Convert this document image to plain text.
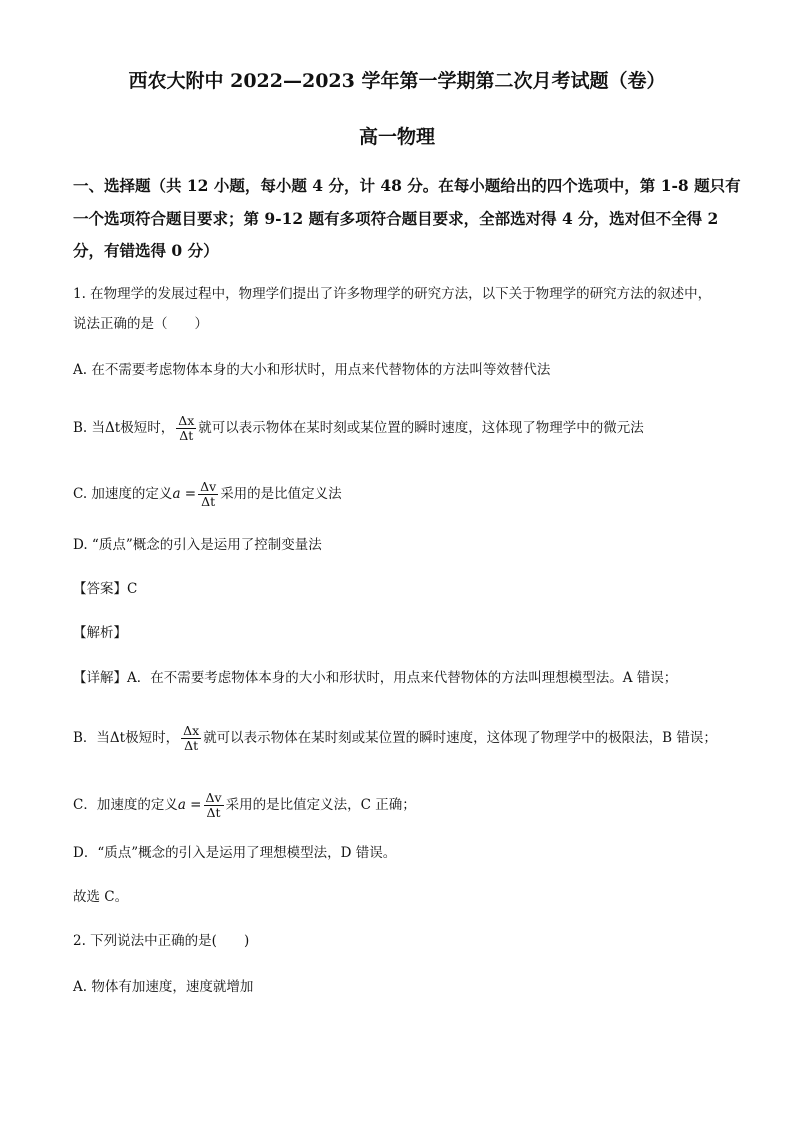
西农大附中 2022—2023 学年第一学期第二次月考试题（卷）
高一物理
一、选择题（共 12 小题，每小题 4 分，计 48 分。在每小题给出的四个选项中，第 1-8 题只有
一个选项符合题目要求；第 9-12 题有多项符合题目要求，全部选对得 4 分，选对但不全得 2
分，有错选得 0 分）
1. 在物理学的发展过程中，物理学们提出了许多物理学的研究方法，以下关于物理学的研究方法的叙述中，
说法正确的是（　　）
A. 在不需要考虑物体本身的大小和形状时，用点来代替物体的方法叫等效替代法
B. 当Δt极短时， $\frac{\Delta x}{\Delta t}$ 就可以表示物体在某时刻或某位置的瞬时速度，这体现了物理学中的微元法
C. 加速度的定义$a = \frac{\Delta v}{\Delta t}$ 采用的是比值定义法
D. “质点”概念的引入是运用了控制变量法
【答案】C
【解析】
【详解】A．在不需要考虑物体本身的大小和形状时，用点来代替物体的方法叫理想模型法。A 错误；
B．当Δt极短时， $\frac{\Delta x}{\Delta t}$ 就可以表示物体在某时刻或某位置的瞬时速度，这体现了物理学中的极限法，B 错误；
C．加速度的定义$a = \frac{\Delta v}{\Delta t}$ 采用的是比值定义法，C 正确；
D．“质点”概念的引入是运用了理想模型法，D 错误。
故选 C。
2. 下列说法中正确的是(　　)
A. 物体有加速度，速度就增加
